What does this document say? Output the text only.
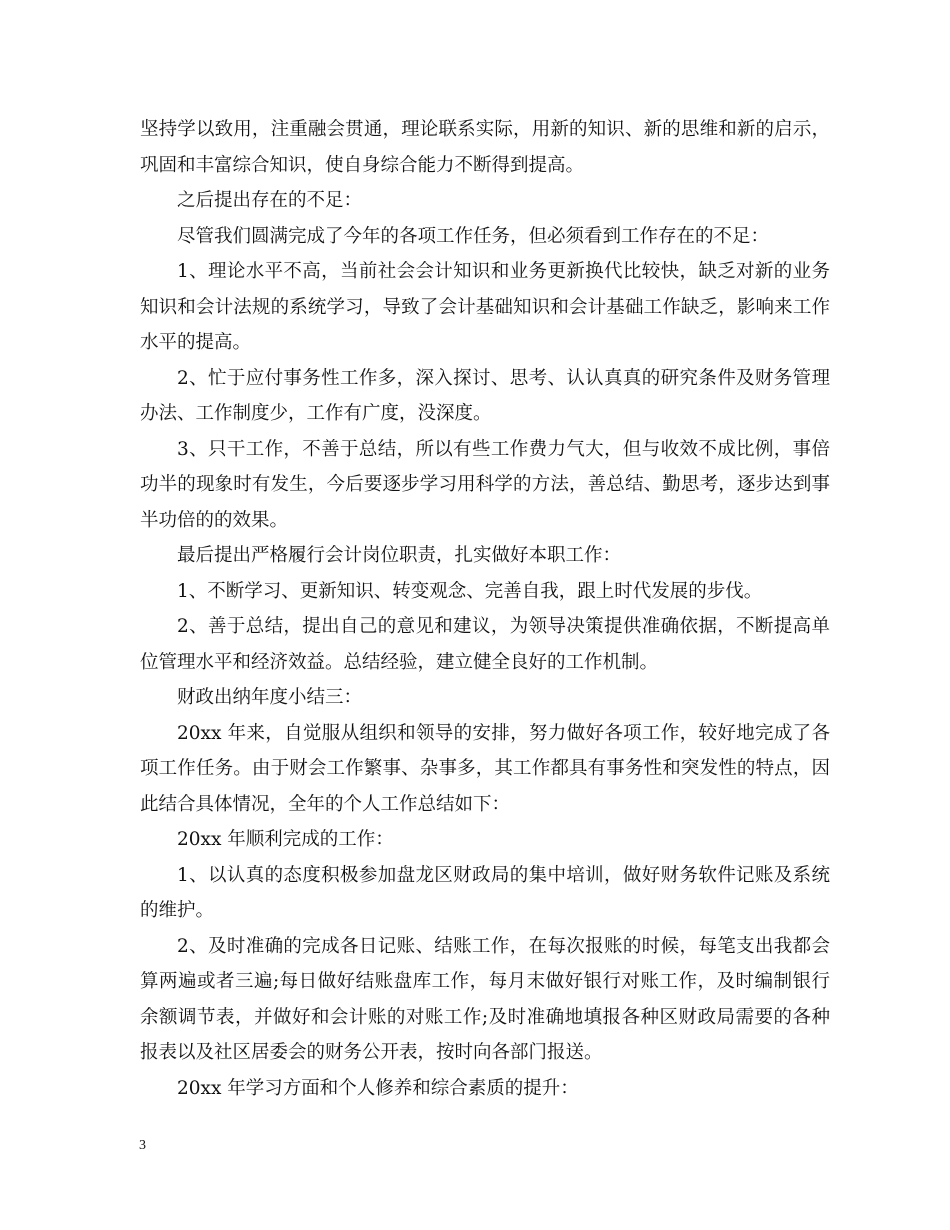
坚持学以致用，注重融会贯通，理论联系实际，用新的知识、新的思维和新的启示，巩固和丰富综合知识，使自身综合能力不断得到提高。

之后提出存在的不足：

尽管我们圆满完成了今年的各项工作任务，但必须看到工作存在的不足：

1、理论水平不高，当前社会会计知识和业务更新换代比较快，缺乏对新的业务知识和会计法规的系统学习，导致了会计基础知识和会计基础工作缺乏，影响来工作水平的提高。

2、忙于应付事务性工作多，深入探讨、思考、认认真真的研究条件及财务管理办法、工作制度少，工作有广度，没深度。

3、只干工作，不善于总结，所以有些工作费力气大，但与收效不成比例，事倍功半的现象时有发生，今后要逐步学习用科学的方法，善总结、勤思考，逐步达到事半功倍的的效果。

最后提出严格履行会计岗位职责，扎实做好本职工作：

1、不断学习、更新知识、转变观念、完善自我，跟上时代发展的步伐。

2、善于总结，提出自己的意见和建议，为领导决策提供准确依据，不断提高单位管理水平和经济效益。总结经验，建立健全良好的工作机制。

财政出纳年度小结三：

20xx 年来，自觉服从组织和领导的安排，努力做好各项工作，较好地完成了各项工作任务。由于财会工作繁事、杂事多，其工作都具有事务性和突发性的特点，因此结合具体情况，全年的个人工作总结如下：

20xx 年顺利完成的工作：

1、以认真的态度积极参加盘龙区财政局的集中培训，做好财务软件记账及系统的维护。

2、及时准确的完成各日记账、结账工作，在每次报账的时候，每笔支出我都会算两遍或者三遍;每日做好结账盘库工作，每月末做好银行对账工作，及时编制银行余额调节表，并做好和会计账的对账工作;及时准确地填报各种区财政局需要的各种报表以及社区居委会的财务公开表，按时向各部门报送。

20xx 年学习方面和个人修养和综合素质的提升：

3
